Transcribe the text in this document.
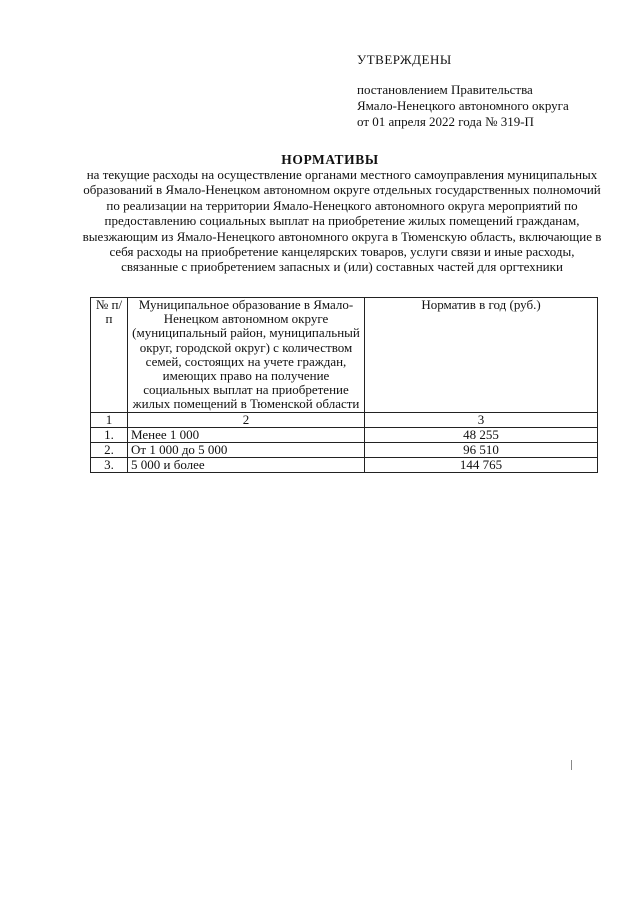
УТВЕРЖДЕНЫ
постановлением Правительства
Ямало-Ненецкого автономного округа
от 01 апреля 2022 года № 319-П
НОРМАТИВЫ
на текущие расходы на осуществление органами местного самоуправления муниципальных образований в Ямало-Ненецком автономном округе отдельных государственных полномочий по реализации на территории Ямало-Ненецкого автономного округа мероприятий по предоставлению социальных выплат на приобретение жилых помещений гражданам, выезжающим из Ямало-Ненецкого автономного округа в Тюменскую область, включающие в себя расходы на приобретение канцелярских товаров, услуги связи и иные расходы, связанные с приобретением запасных и (или) составных частей для оргтехники
№ п/п	Муниципальное образование в Ямало-Ненецком автономном округе (муниципальный район, муниципальный округ, городской округ) с количеством семей, состоящих на учете граждан, имеющих право на получение социальных выплат на приобретение жилых помещений в Тюменской области	Норматив в год (руб.)
1	2	3
1.	Менее 1 000	48 255
2.	От 1 000 до 5 000	96 510
3.	5 000 и более	144 765
